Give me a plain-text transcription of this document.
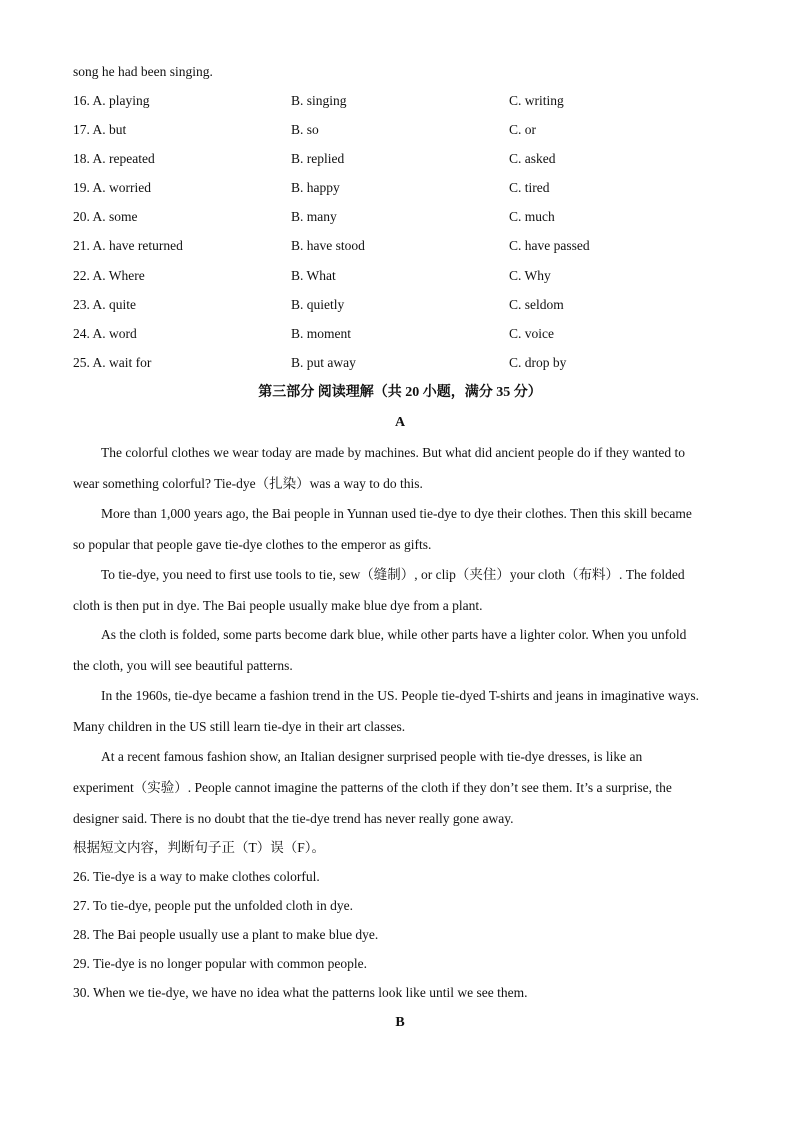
song he had been singing.
16. A. playing	B. singing	C. writing
17. A. but	B. so	C. or
18. A. repeated	B. replied	C. asked
19. A. worried	B. happy	C. tired
20. A. some	B. many	C. much
21. A. have returned	B. have stood	C. have passed
22. A. Where	B. What	C. Why
23. A. quite	B. quietly	C. seldom
24. A. word	B. moment	C. voice
25. A. wait for	B. put away	C. drop by
第三部分 阅读理解（共 20 小题，满分 35 分）
A
The colorful clothes we wear today are made by machines. But what did ancient people do if they wanted to
wear something colorful? Tie-dye（扎染）was a way to do this.
More than 1,000 years ago, the Bai people in Yunnan used tie-dye to dye their clothes. Then this skill became
so popular that people gave tie-dye clothes to the emperor as gifts.
To tie-dye, you need to first use tools to tie, sew（缝制）, or clip（夹住）your cloth（布料）. The folded
cloth is then put in dye. The Bai people usually make blue dye from a plant.
As the cloth is folded, some parts become dark blue, while other parts have a lighter color. When you unfold
the cloth, you will see beautiful patterns.
In the 1960s, tie-dye became a fashion trend in the US. People tie-dyed T-shirts and jeans in imaginative ways.
Many children in the US still learn tie-dye in their art classes.
At a recent famous fashion show, an Italian designer surprised people with tie-dye dresses, is like an
experiment（实验）. People cannot imagine the patterns of the cloth if they don’t see them. It’s a surprise, the
designer said. There is no doubt that the tie-dye trend has never really gone away.
根据短文内容，判断句子正（T）误（F）。
26. Tie-dye is a way to make clothes colorful.
27. To tie-dye, people put the unfolded cloth in dye.
28. The Bai people usually use a plant to make blue dye.
29. Tie-dye is no longer popular with common people.
30. When we tie-dye, we have no idea what the patterns look like until we see them.
B
